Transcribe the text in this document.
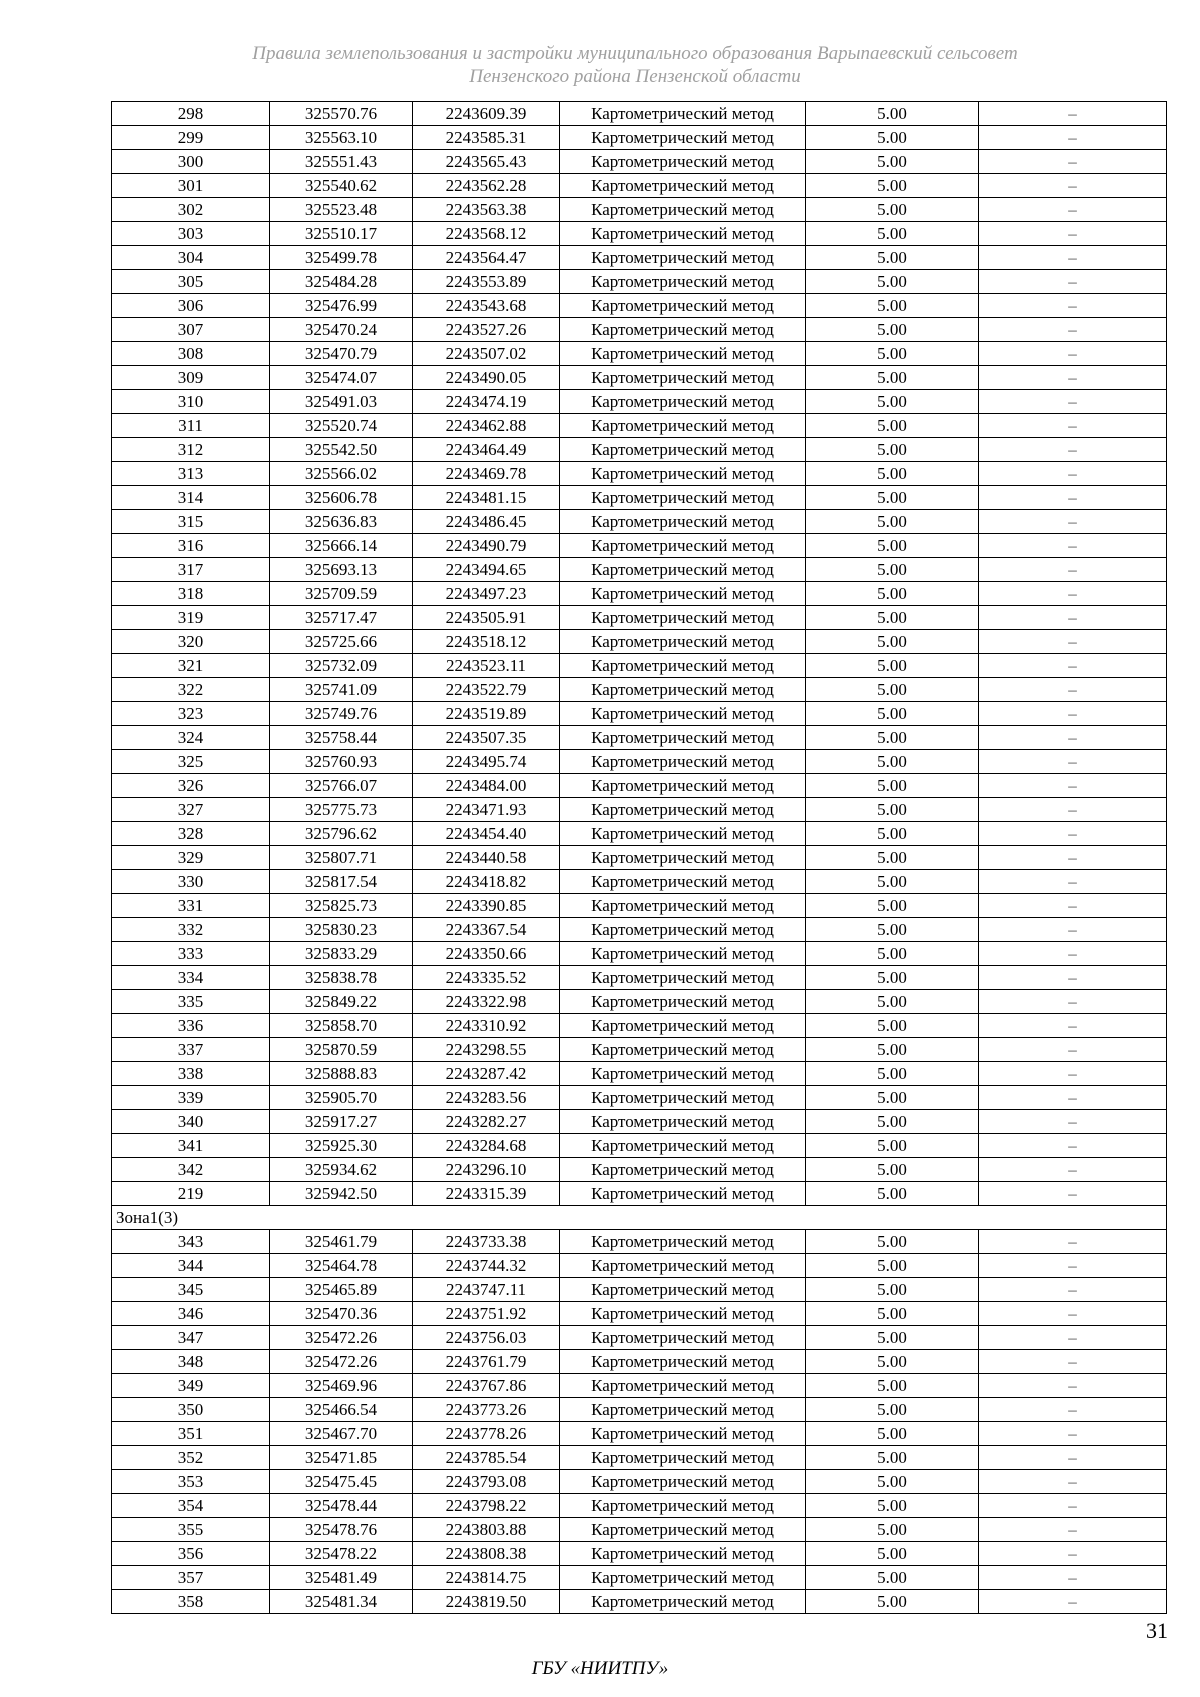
Правила землепользования и застройки муниципального образования Варыпаевский сельсовет
Пензенского района Пензенской области
298	325570.76	2243609.39	Картометрический метод	5.00	–
299	325563.10	2243585.31	Картометрический метод	5.00	–
300	325551.43	2243565.43	Картометрический метод	5.00	–
301	325540.62	2243562.28	Картометрический метод	5.00	–
302	325523.48	2243563.38	Картометрический метод	5.00	–
303	325510.17	2243568.12	Картометрический метод	5.00	–
304	325499.78	2243564.47	Картометрический метод	5.00	–
305	325484.28	2243553.89	Картометрический метод	5.00	–
306	325476.99	2243543.68	Картометрический метод	5.00	–
307	325470.24	2243527.26	Картометрический метод	5.00	–
308	325470.79	2243507.02	Картометрический метод	5.00	–
309	325474.07	2243490.05	Картометрический метод	5.00	–
310	325491.03	2243474.19	Картометрический метод	5.00	–
311	325520.74	2243462.88	Картометрический метод	5.00	–
312	325542.50	2243464.49	Картометрический метод	5.00	–
313	325566.02	2243469.78	Картометрический метод	5.00	–
314	325606.78	2243481.15	Картометрический метод	5.00	–
315	325636.83	2243486.45	Картометрический метод	5.00	–
316	325666.14	2243490.79	Картометрический метод	5.00	–
317	325693.13	2243494.65	Картометрический метод	5.00	–
318	325709.59	2243497.23	Картометрический метод	5.00	–
319	325717.47	2243505.91	Картометрический метод	5.00	–
320	325725.66	2243518.12	Картометрический метод	5.00	–
321	325732.09	2243523.11	Картометрический метод	5.00	–
322	325741.09	2243522.79	Картометрический метод	5.00	–
323	325749.76	2243519.89	Картометрический метод	5.00	–
324	325758.44	2243507.35	Картометрический метод	5.00	–
325	325760.93	2243495.74	Картометрический метод	5.00	–
326	325766.07	2243484.00	Картометрический метод	5.00	–
327	325775.73	2243471.93	Картометрический метод	5.00	–
328	325796.62	2243454.40	Картометрический метод	5.00	–
329	325807.71	2243440.58	Картометрический метод	5.00	–
330	325817.54	2243418.82	Картометрический метод	5.00	–
331	325825.73	2243390.85	Картометрический метод	5.00	–
332	325830.23	2243367.54	Картометрический метод	5.00	–
333	325833.29	2243350.66	Картометрический метод	5.00	–
334	325838.78	2243335.52	Картометрический метод	5.00	–
335	325849.22	2243322.98	Картометрический метод	5.00	–
336	325858.70	2243310.92	Картометрический метод	5.00	–
337	325870.59	2243298.55	Картометрический метод	5.00	–
338	325888.83	2243287.42	Картометрический метод	5.00	–
339	325905.70	2243283.56	Картометрический метод	5.00	–
340	325917.27	2243282.27	Картометрический метод	5.00	–
341	325925.30	2243284.68	Картометрический метод	5.00	–
342	325934.62	2243296.10	Картометрический метод	5.00	–
219	325942.50	2243315.39	Картометрический метод	5.00	–
Зона1(3)					
343	325461.79	2243733.38	Картометрический метод	5.00	–
344	325464.78	2243744.32	Картометрический метод	5.00	–
345	325465.89	2243747.11	Картометрический метод	5.00	–
346	325470.36	2243751.92	Картометрический метод	5.00	–
347	325472.26	2243756.03	Картометрический метод	5.00	–
348	325472.26	2243761.79	Картометрический метод	5.00	–
349	325469.96	2243767.86	Картометрический метод	5.00	–
350	325466.54	2243773.26	Картометрический метод	5.00	–
351	325467.70	2243778.26	Картометрический метод	5.00	–
352	325471.85	2243785.54	Картометрический метод	5.00	–
353	325475.45	2243793.08	Картометрический метод	5.00	–
354	325478.44	2243798.22	Картометрический метод	5.00	–
355	325478.76	2243803.88	Картометрический метод	5.00	–
356	325478.22	2243808.38	Картометрический метод	5.00	–
357	325481.49	2243814.75	Картометрический метод	5.00	–
358	325481.34	2243819.50	Картометрический метод	5.00	–
31
ГБУ «НИИТПУ»
